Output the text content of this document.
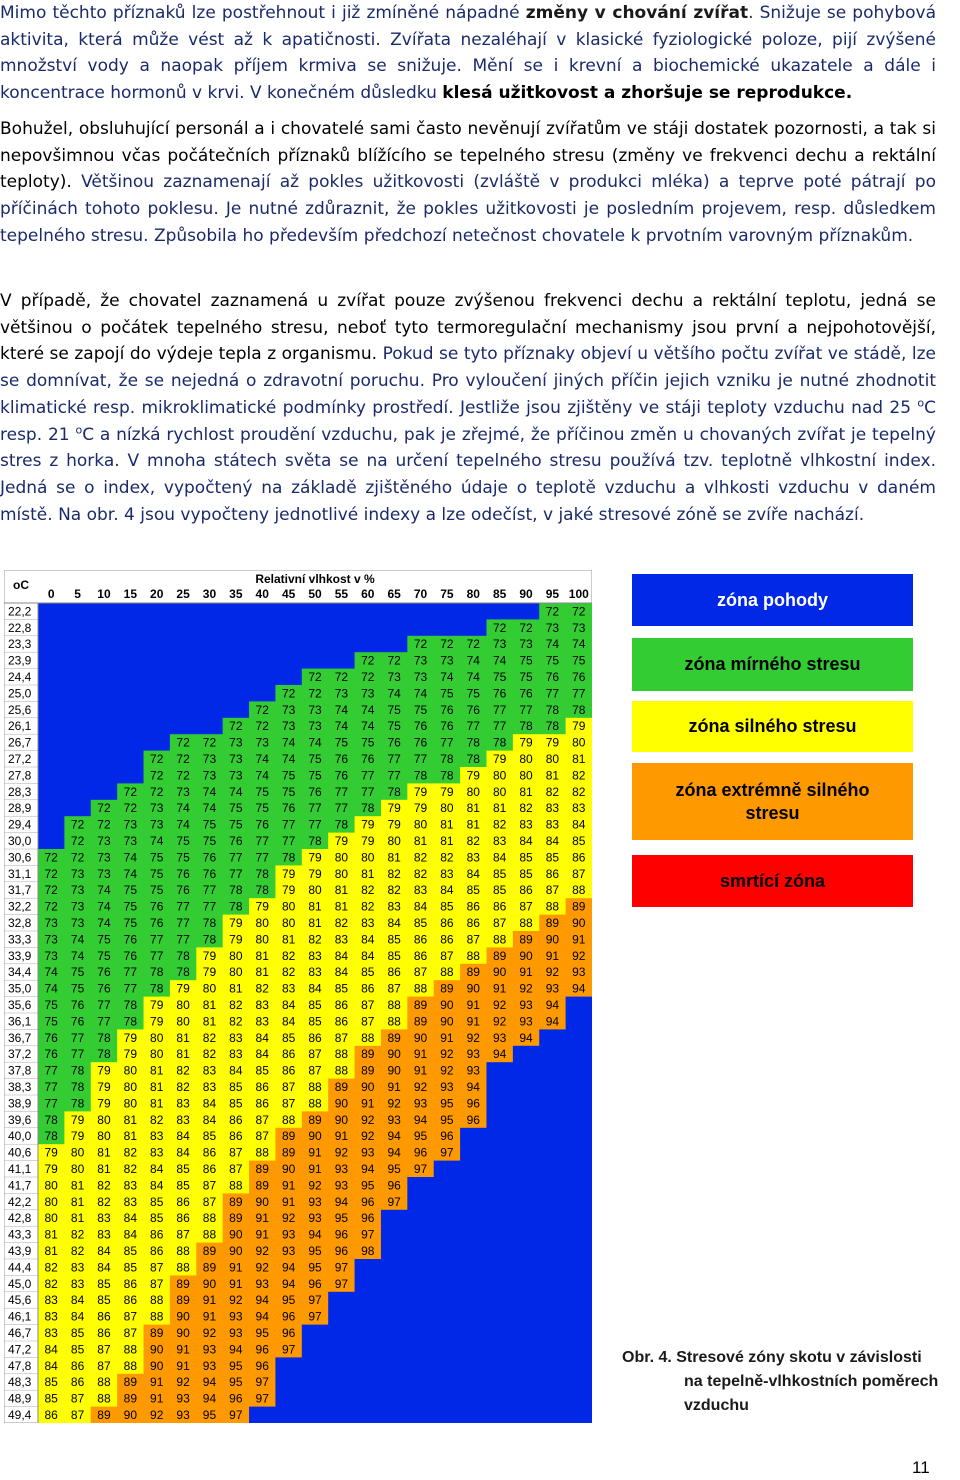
Mimo těchto příznaků lze postřehnout i již zmíněné nápadné změny v chování zvířat. Snižuje se pohybová aktivita, která může vést až k apatičnosti. Zvířata nezaléhají v klasické fyziologické poloze, pijí zvýšené množství vody a naopak příjem krmiva se snižuje. Mění se i krevní a biochemické ukazatele a dále i koncentrace hormonů v krvi. V konečném důsledku klesá užitkovost a zhoršuje se reprodukce.

Bohužel, obsluhující personál a i chovatelé sami často nevěnují zvířatům ve stáji dostatek pozornosti, a tak si nepovšimnou včas počátečních příznaků blížícího se tepelného stresu (změny ve frekvenci dechu a rektální teploty). Většinou zaznamenají až pokles užitkovosti (zvláště v produkci mléka) a teprve poté pátrají po příčinách tohoto poklesu. Je nutné zdůraznit, že pokles užitkovosti je posledním projevem, resp. důsledkem tepelného stresu. Způsobila ho především předchozí netečnost chovatele k prvotním varovným příznakům.

V případě, že chovatel zaznamená u zvířat pouze zvýšenou frekvenci dechu a rektální teplotu, jedná se většinou o počátek tepelného stresu, neboť tyto termoregulační mechanismy jsou první a nejpohotovější, které se zapojí do výdeje tepla z organismu. Pokud se tyto příznaky objeví u většího počtu zvířat ve stádě, lze se domnívat, že se nejedná o zdravotní poruchu. Pro vyloučení jiných příčin jejich vzniku je nutné zhodnotit klimatické resp. mikroklimatické podmínky prostředí. Jestliže jsou zjištěny ve stáji teploty vzduchu nad 25 $^o$C resp. 21 $^o$C a nízká rychlost proudění vzduchu, pak je zřejmé, že příčinou změn u chovaných zvířat je tepelný stres z horka. V mnoha státech světa se na určení tepelného stresu používá tzv. teplotně vlhkostní index. Jedná se o index, vypočtený na základě zjištěného údaje o teplotě vzduchu a vlhkosti vzduchu v daném místě. Na obr. 4 jsou vypočteny jednotlivé indexy a lze odečíst, v jaké stresové zóně se zvíře nachází.

oC	Relativní vlhkost v %
0 5 10 15 20 25 30 35 40 45 50 55 60 65 70 75 80 85 90 95 100
22,2
22,8
23,3
23,9
24,4
25,0
25,6
26,1
26,7
27,2
27,8
28,3
28,9
29,4
30,0
30,6
31,1
31,7
32,2
32,8
33,3
33,9
34,4
35,0
35,6
36,1
36,7
37,2
37,8
38,3
38,9
39,6
40,0
40,6
41,1
41,7
42,2
42,8
43,3
43,9
44,4
45,0
45,6
46,1
46,7
47,2
47,8
48,3
48,9
49,4
72 72
72 72 73 73
72 72 72 73 73 74 74
72 72 73 73 74 74 75 75 75
72 72 72 73 73 74 74 75 75 76 76
72 72 73 73 74 74 75 75 76 76 77 77
72 73 73 74 74 75 75 76 76 77 77 78 78
72 72 73 73 74 74 75 76 76 77 77 78 78 79
72 72 73 73 74 74 75 75 76 76 77 78 78 79 79 80
72 72 73 73 74 74 75 76 76 77 77 78 78 79 80 80 81
72 72 73 73 74 75 75 76 77 77 78 78 79 80 80 81 82
72 72 73 74 74 75 75 76 77 77 78 79 79 80 80 81 82 82
72 72 73 74 74 75 75 76 77 77 78 79 79 80 81 81 82 83 83
72 72 73 73 74 75 75 76 77 77 78 79 79 80 81 81 82 83 83 84
72 73 73 74 75 75 76 77 77 78 79 79 80 81 81 82 83 84 84 85
72 72 73 74 75 75 76 77 77 78 79 80 80 81 82 82 83 84 85 85 86
72 73 73 74 75 76 76 77 78 79 79 80 81 82 82 83 84 85 85 86 87
72 73 74 75 75 76 77 78 78 79 80 81 82 82 83 84 85 85 86 87 88
72 73 74 75 76 77 77 78 79 80 81 81 82 83 84 85 86 86 87 88 89
73 73 74 75 76 77 78 79 80 80 81 82 83 84 85 86 86 87 88 89 90
73 74 75 76 77 77 78 79 80 81 82 83 84 85 86 86 87 88 89 90 91
73 74 75 76 77 78 79 80 81 82 83 84 84 85 86 87 88 89 90 91 92
74 75 76 77 78 78 79 80 81 82 83 84 85 86 87 88 89 90 91 92 93
74 75 76 77 78 79 80 81 82 83 84 85 86 87 88 89 90 91 92 93 94
75 76 77 78 79 80 81 82 83 84 85 86 87 88 89 90 91 92 93 94
75 76 77 78 79 80 81 82 83 84 85 86 87 88 89 90 91 92 93 94
76 77 78 79 80 81 82 83 84 85 86 87 88 89 90 91 92 93 94
76 77 78 79 80 81 82 83 84 86 87 88 89 90 91 92 93 94
77 78 79 80 81 82 83 84 85 86 87 88 89 90 91 92 93
77 78 79 80 81 82 83 85 86 87 88 89 90 91 92 93 94
77 78 79 80 81 83 84 85 86 87 88 90 91 92 93 95 96
78 79 80 81 82 83 84 86 87 88 89 90 92 93 94 95 96
78 79 80 81 83 84 85 86 87 89 90 91 92 94 95 96
79 80 81 82 83 84 86 87 88 89 91 92 93 94 96 97
79 80 81 82 84 85 86 87 89 90 91 93 94 95 97
80 81 82 83 84 85 87 88 89 91 92 93 95 96
80 81 82 83 85 86 87 89 90 91 93 94 96 97
80 81 83 84 85 86 88 89 91 92 93 95 96
81 82 83 84 86 87 88 90 91 93 94 96 97
81 82 84 85 86 88 89 90 92 93 95 96 98
82 83 84 85 87 88 89 91 92 94 95 97
82 83 85 86 87 89 90 91 93 94 96 97
83 84 85 86 88 89 91 92 94 95 97
83 84 86 87 88 90 91 93 94 96 97
83 85 86 87 89 90 92 93 95 96
84 85 87 88 90 91 93 94 96 97
84 86 87 88 90 91 93 95 96
85 86 88 89 91 92 94 95 97
85 87 88 89 91 93 94 96 97
86 87 89 90 92 93 95 97
zóna pohody
zóna mírného stresu
zóna silného stresu
zóna extrémně silného stresu
smrtící zóna
Obr. 4. Stresové zóny skotu v závislosti
na tepelně-vlhkostních poměrech
vzduchu
11
